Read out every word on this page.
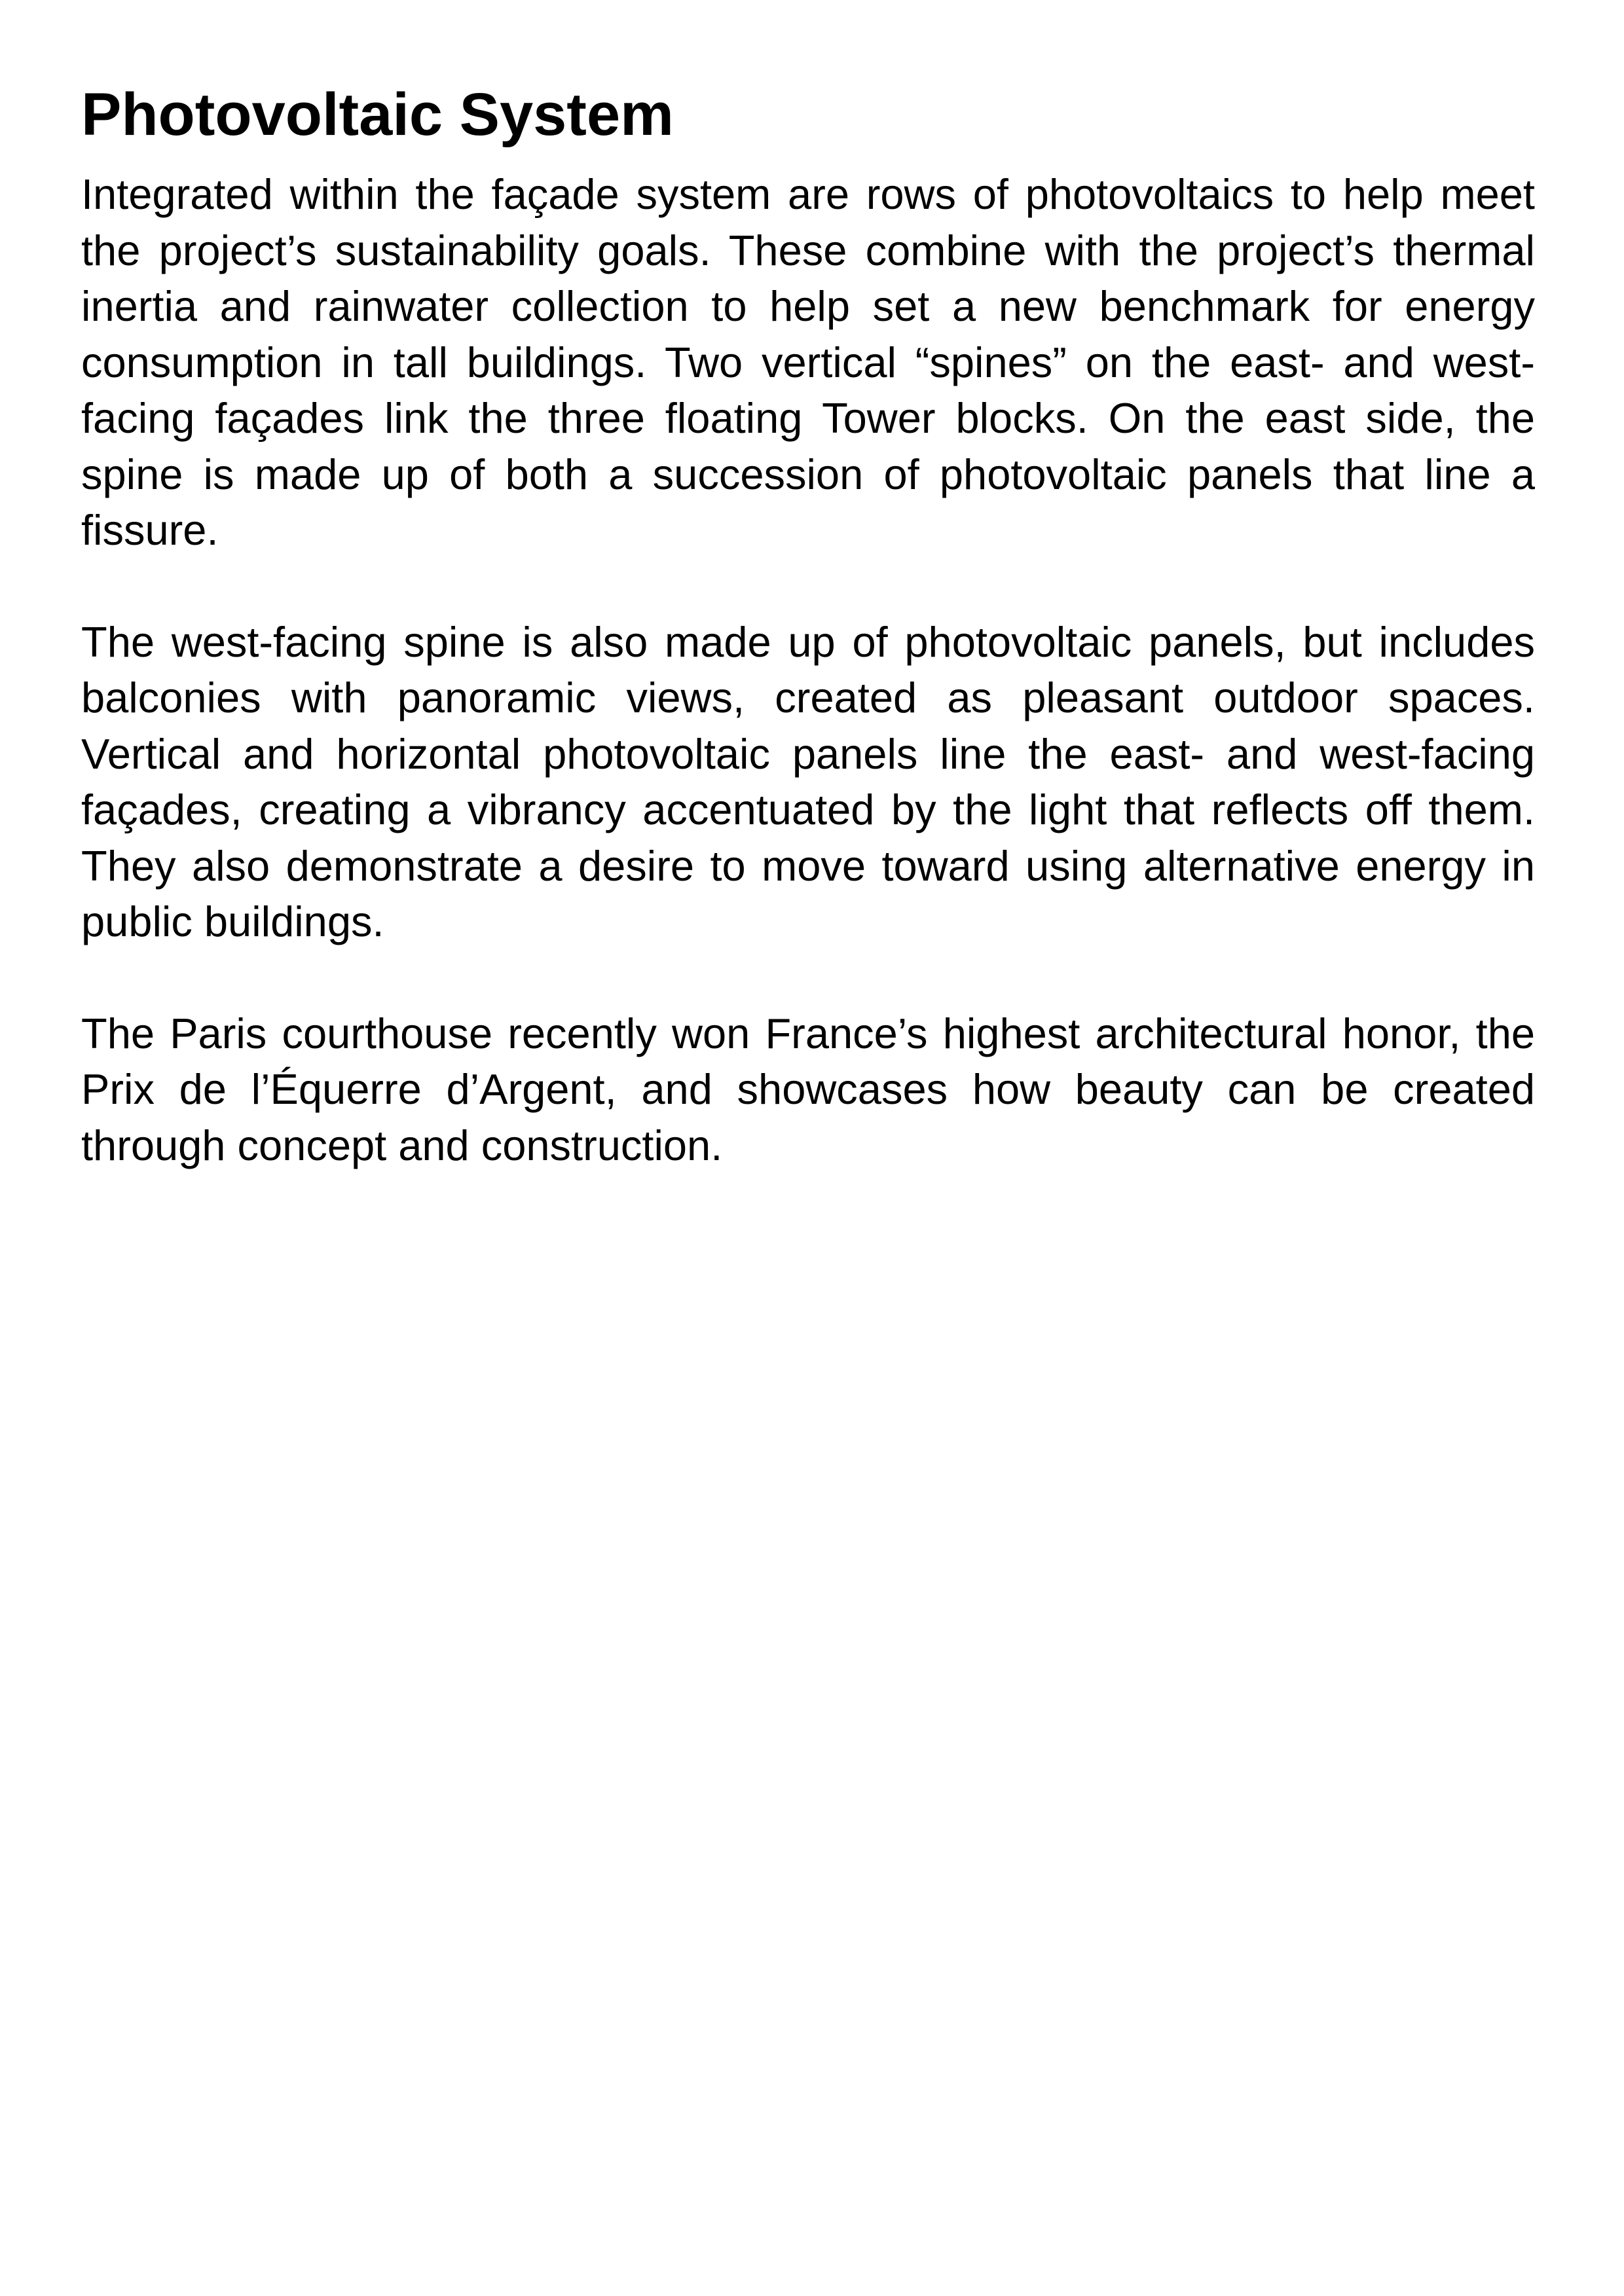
Photovoltaic System

Integrated within the façade system are rows of photovoltaics to help meet the project’s sustainability goals. These combine with the project’s thermal inertia and rainwater collection to help set a new benchmark for energy consumption in tall buildings. Two vertical “spines” on the east- and west-facing façades link the three floating Tower blocks. On the east side, the spine is made up of both a succession of photovoltaic panels that line a fissure.

The west-facing spine is also made up of photovoltaic panels, but includes balconies with panoramic views, created as pleasant outdoor spaces. Vertical and horizontal photovoltaic panels line the east- and west-facing façades, creating a vibrancy accentuated by the light that reflects off them. They also demonstrate a desire to move toward using alternative energy in public buildings.

The Paris courthouse recently won France’s highest architectural honor, the Prix de l’Équerre d’Argent, and showcases how beauty can be created through concept and construction.
